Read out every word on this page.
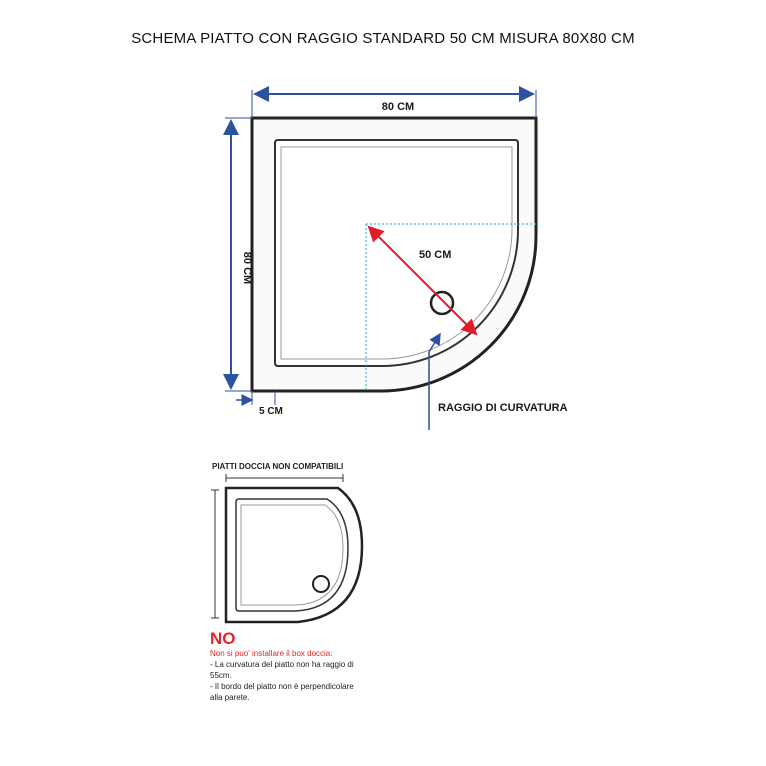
SCHEMA PIATTO CON RAGGIO STANDARD 50 CM MISURA 80X80 CM
80 CM
80 CM	50 CM
5 CM	RAGGIO DI CURVATURA
PIATTI DOCCIA NON COMPATIBILI
NO
Non si puo' installare il box doccia:
- La curvatura del piatto non ha raggio di
55cm.
- Il bordo del piatto non è perpendicolare
alla parete.
